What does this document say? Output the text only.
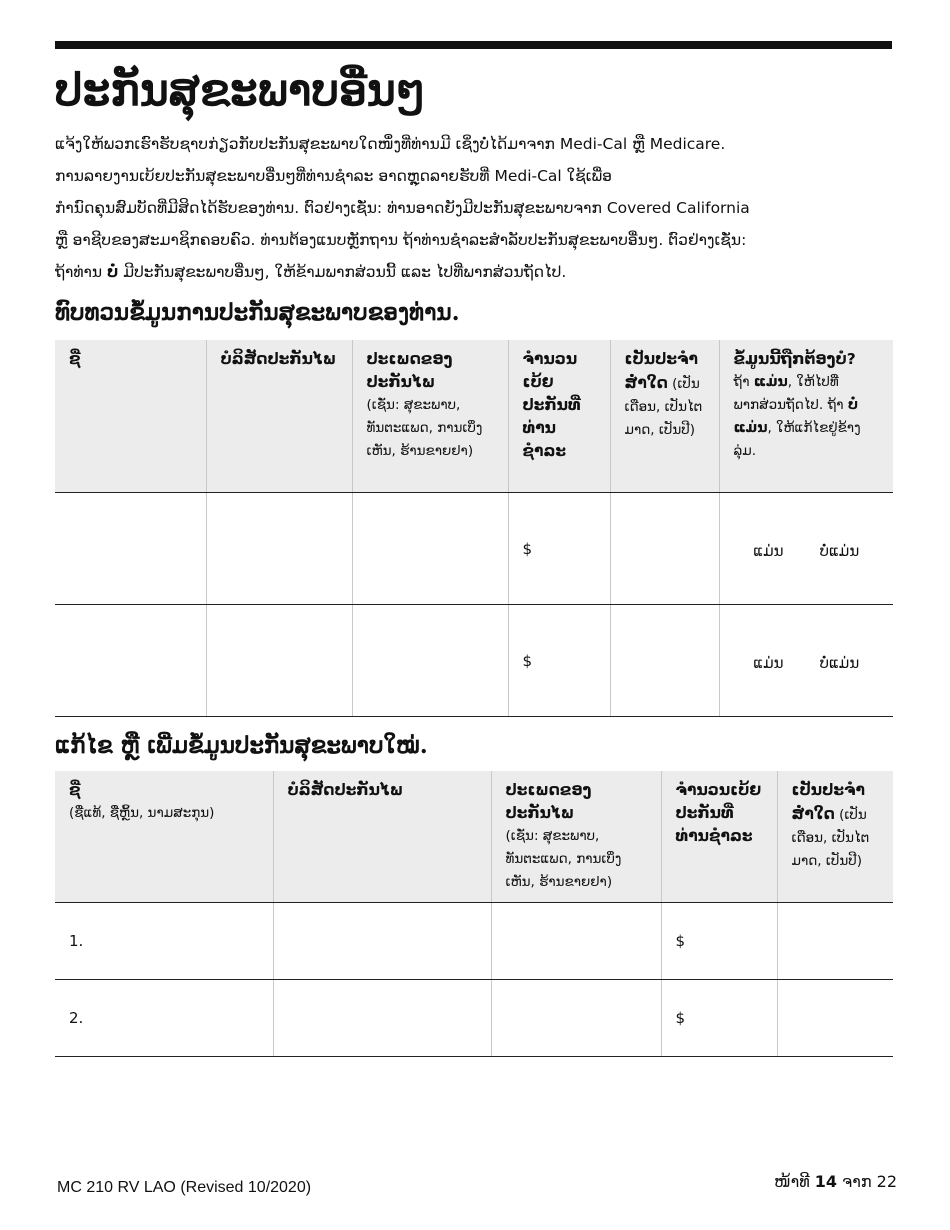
ປະກັນສຸຂະພາບອື່ນໆ

ແຈ້ງໃຫ້ພວກເຮົາຮັບຊາບກ່ຽວກັບປະກັນສຸຂະພາບໃດໜຶ່ງທີ່ທ່ານມີ ເຊິ່ງບໍ່ໄດ້ມາຈາກ Medi-Cal ຫຼື Medicare.

ການລາຍງານເບ້ຍປະກັນສຸຂະພາບອື່ນໆທີ່ທ່ານຊຳລະ ອາດຫຼຸດລາຍຮັບທີ່ Medi-Cal ໃຊ້ເພື່ອ

ກຳນົດຄຸນສົມບັດທີ່ມີສິດໄດ້ຮັບຂອງທ່ານ. ຕົວຢ່າງເຊັ່ນ: ທ່ານອາດຍັງມີປະກັນສຸຂະພາບຈາກ Covered California

ຫຼື ອາຊີບຂອງສະມາຊິກຄອບຄົວ. ທ່ານຕ້ອງແນບຫຼັກຖານ ຖ້າທ່ານຊຳລະສຳລັບປະກັນສຸຂະພາບອື່ນໆ. ຕົວຢ່າງເຊັ່ນ:

ຖ້າທ່ານ ບໍ່ ມີປະກັນສຸຂະພາບອື່ນໆ, ໃຫ້ຂ້າມພາກສ່ວນນີ້ ແລະ ໄປທີ່ພາກສ່ວນຖັດໄປ.

ທົບທວນຂໍ້ມູນການປະກັນສຸຂະພາບຂອງທ່ານ.
ຊື່	ບໍລິສັດປະກັນໄພ	ປະເພດຂອງປະກັນໄພ
(ເຊັ່ນ: ສຸຂະພາບ, ທັນຕະແພດ, ການເບິ່ງເຫັນ, ຮ້ານຂາຍຢາ)	ຈຳນວນເບ້ຍປະກັນທີ່ທ່ານຊຳລະ	ເປັນປະຈຳສໍ່າໃດ (ເປັນເດືອນ, ເປັນໄຕມາດ, ເປັນປີ)	ຂໍ້ມູນນີ້ຖືກຕ້ອງບໍ?
ຖ້າ ແມ່ນ, ໃຫ້ໄປທີ່ພາກສ່ວນຖັດໄປ. ຖ້າ ບໍ່ແມ່ນ, ໃຫ້ແກ້ໄຂຢູ່ຂ້າງລຸ່ມ.
			$		ແມ່ນ ບໍ່ແມ່ນ

			$		ແມ່ນ ບໍ່ແມ່ນ
ແກ້ໄຂ ຫຼື ເພີ່ມຂໍ້ມູນປະກັນສຸຂະພາບໃໝ່.
ຊື່
(ຊື່ແທ້, ຊື່ຫຼິ້ນ, ນາມສະກຸນ)	ບໍລິສັດປະກັນໄພ	ປະເພດຂອງປະກັນໄພ
(ເຊັ່ນ: ສຸຂະພາບ, ທັນຕະແພດ, ການເບິ່ງເຫັນ, ຮ້ານຂາຍຢາ)	ຈຳນວນເບ້ຍປະກັນທີ່ທ່ານຊຳລະ	ເປັນປະຈຳສໍ່າໃດ (ເປັນເດືອນ, ເປັນໄຕມາດ, ເປັນປີ)
1.			$	
2.			$	
MC 210 RV LAO (Revised 10/2020)	ໜ້າທີ 14 ຈາກ 22
